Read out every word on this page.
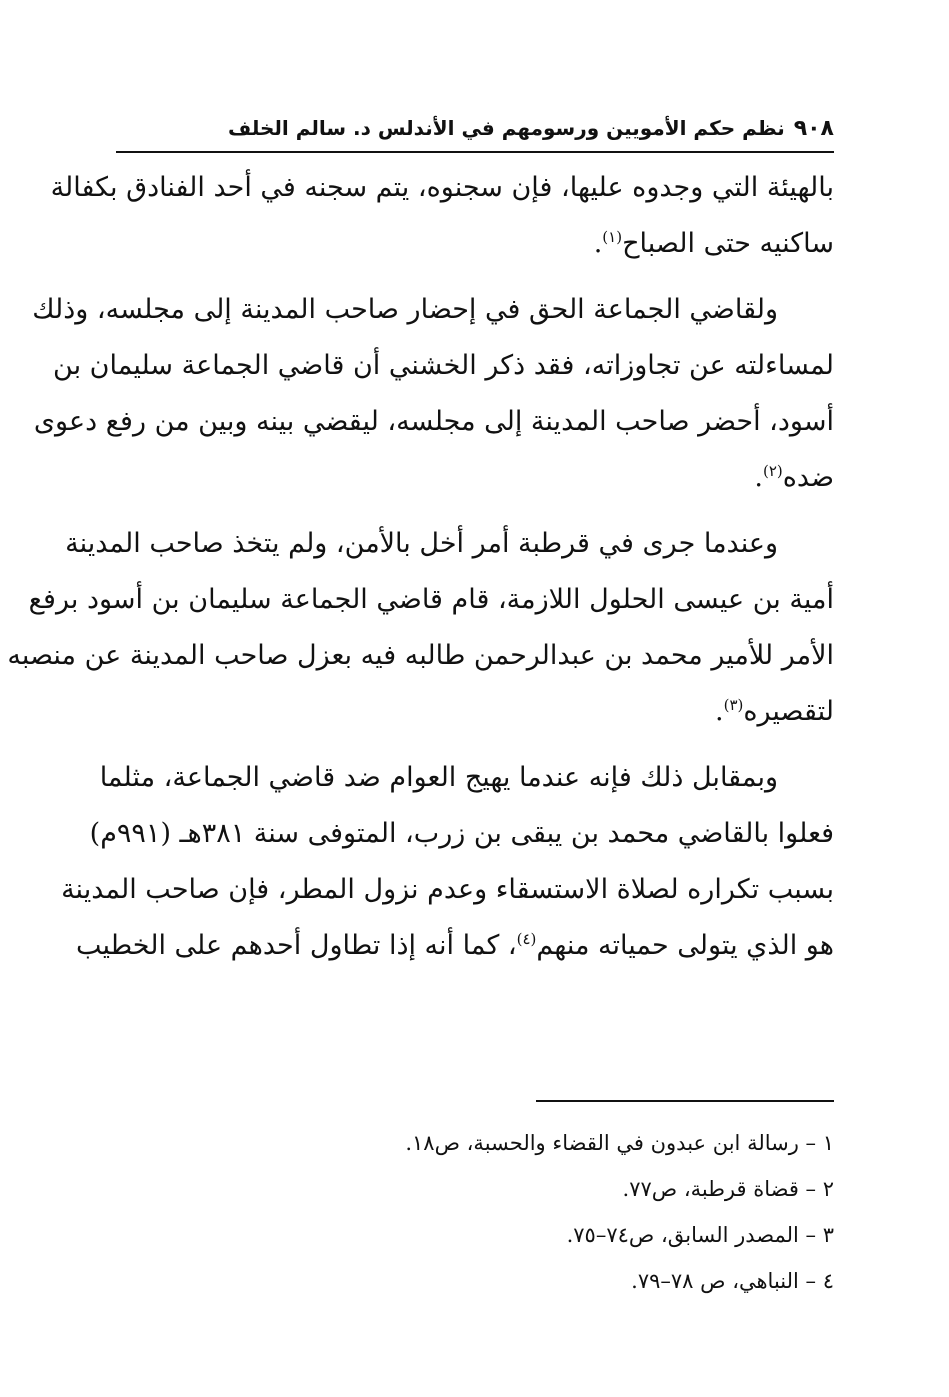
٩٠٨
نظم حكم الأمويين ورسومهم في الأندلس د. سالم الخلف
بالهيئة التي وجدوه عليها، فإن سجنوه، يتم سجنه في أحد الفنادق بكفالة
ساكنيه حتى الصباح$^{(١)}$.
ولقاضي الجماعة الحق في إحضار صاحب المدينة إلى مجلسه، وذلك
لمساءلته عن تجاوزاته، فقد ذكر الخشني أن قاضي الجماعة سليمان بن
أسود، أحضر صاحب المدينة إلى مجلسه، ليقضي بينه وبين من رفع دعوى
ضده$^{(٢)}$.
وعندما جرى في قرطبة أمر أخل بالأمن، ولم يتخذ صاحب المدينة
أمية بن عيسى الحلول اللازمة، قام قاضي الجماعة سليمان بن أسود برفع
الأمر للأمير محمد بن عبدالرحمن طالبه فيه بعزل صاحب المدينة عن منصبه
لتقصيره$^{(٣)}$.
وبمقابل ذلك فإنه عندما يهيج العوام ضد قاضي الجماعة، مثلما
فعلوا بالقاضي محمد بن يبقى بن زرب، المتوفى سنة ٣٨١هـ (٩٩١م)
بسبب تكراره لصلاة الاستسقاء وعدم نزول المطر، فإن صاحب المدينة
هو الذي يتولى حمياته منهم$^{(٤)}$، كما أنه إذا تطاول أحدهم على الخطيب
١ – رسالة ابن عبدون في القضاء والحسبة، ص١٨.
٢ – قضاة قرطبة، ص٧٧.
٣ – المصدر السابق، ص٧٤–٧٥.
٤ – النباهي، ص ٧٨–٧٩.
